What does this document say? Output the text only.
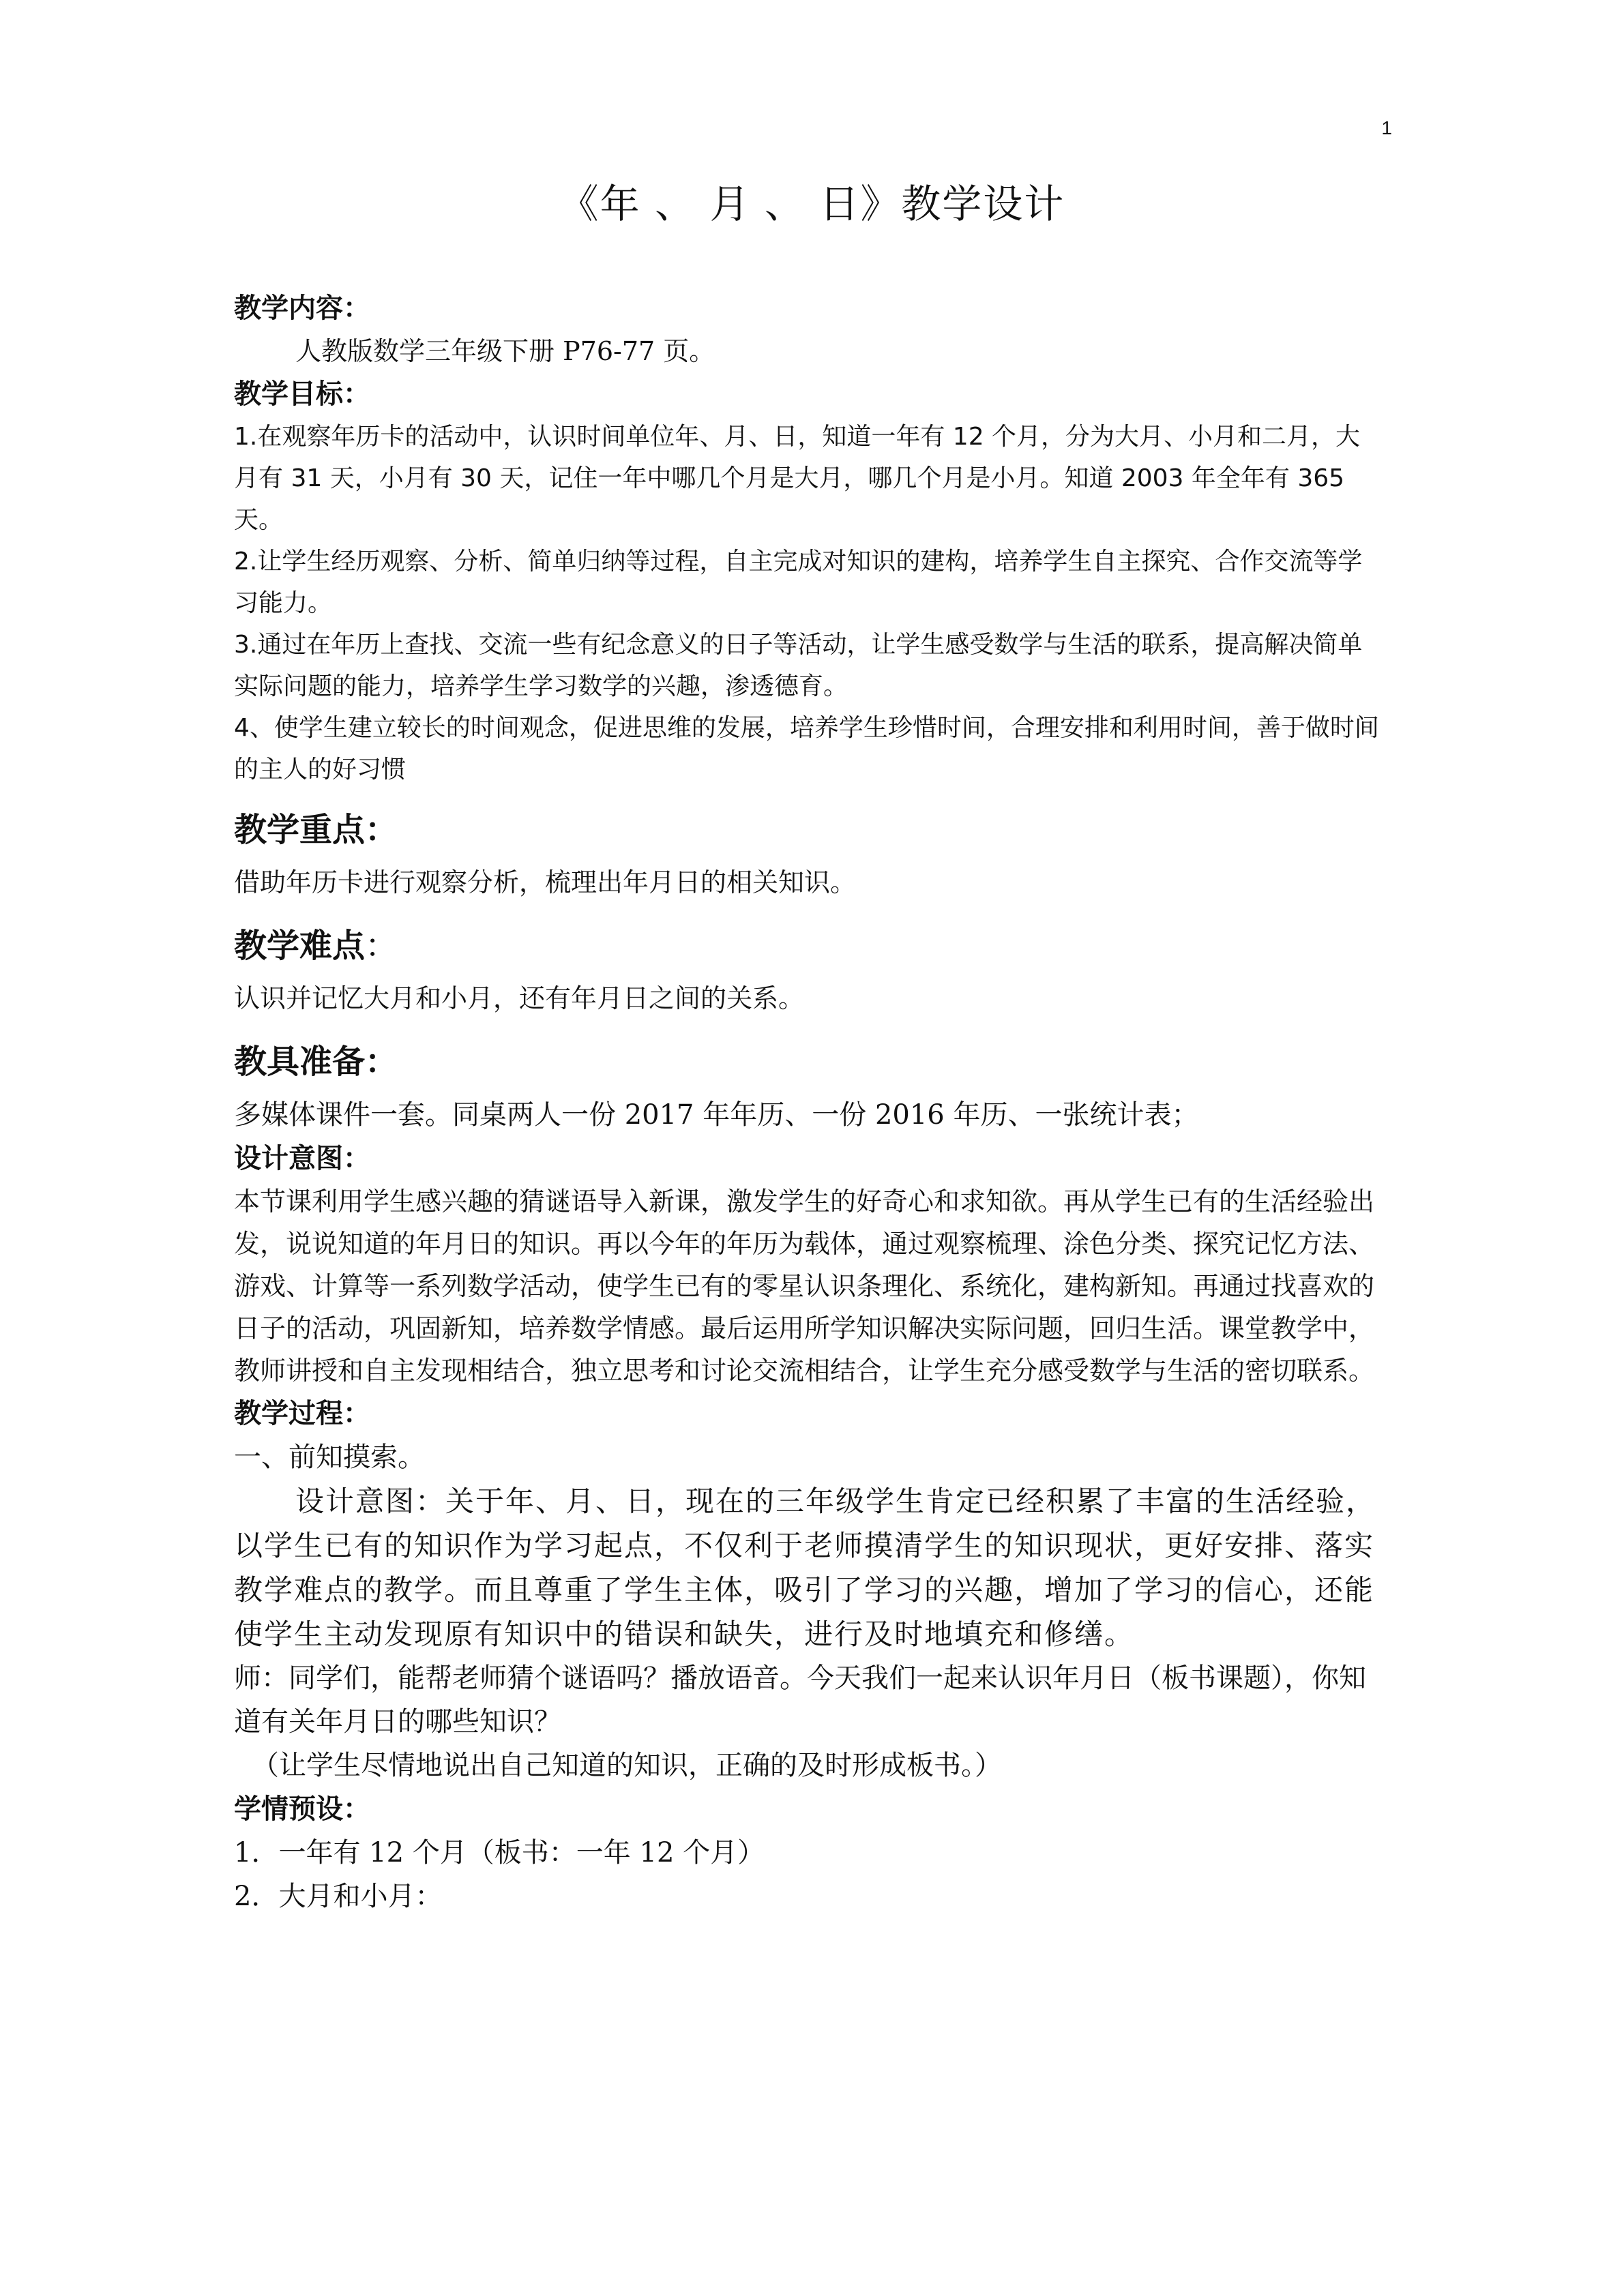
1
《年 、 月 、 日》教学设计

教学内容：

人教版数学三年级下册 P76-77 页。

教学目标：

1.在观察年历卡的活动中，认识时间单位年、月、日，知道一年有 12 个月，分为大月、小月和二月，大月有 31 天，小月有 30 天，记住一年中哪几个月是大月，哪几个月是小月。知道 2003 年全年有 365 天。

2.让学生经历观察、分析、简单归纳等过程，自主完成对知识的建构，培养学生自主探究、合作交流等学习能力。

3.通过在年历上查找、交流一些有纪念意义的日子等活动，让学生感受数学与生活的联系，提高解决简单实际问题的能力，培养学生学习数学的兴趣，渗透德育。

4、使学生建立较长的时间观念，促进思维的发展，培养学生珍惜时间，合理安排和利用时间，善于做时间的主人的好习惯

教学重点：

借助年历卡进行观察分析，梳理出年月日的相关知识。

教学难点：

认识并记忆大月和小月，还有年月日之间的关系。

教具准备：

多媒体课件一套。同桌两人一份 2017 年年历、一份 2016 年历、一张统计表；

设计意图：

本节课利用学生感兴趣的猜谜语导入新课，激发学生的好奇心和求知欲。再从学生已有的生活经验出发，说说知道的年月日的知识。再以今年的年历为载体，通过观察梳理、涂色分类、探究记忆方法、游戏、计算等一系列数学活动，使学生已有的零星认识条理化、系统化，建构新知。再通过找喜欢的日子的活动，巩固新知，培养数学情感。最后运用所学知识解决实际问题，回归生活。课堂教学中，教师讲授和自主发现相结合，独立思考和讨论交流相结合，让学生充分感受数学与生活的密切联系。

教学过程：

一、前知摸索。

设计意图：关于年、月、日，现在的三年级学生肯定已经积累了丰富的生活经验，以学生已有的知识作为学习起点，不仅利于老师摸清学生的知识现状，更好安排、落实教学难点的教学。而且尊重了学生主体，吸引了学习的兴趣，增加了学习的信心，还能使学生主动发现原有知识中的错误和缺失，进行及时地填充和修缮。

师：同学们，能帮老师猜个谜语吗？播放语音。今天我们一起来认识年月日（板书课题），你知道有关年月日的哪些知识？

（让学生尽情地说出自己知道的知识，正确的及时形成板书。）

学情预设：

1．一年有 12 个月（板书：一年 12 个月）

2．大月和小月：
